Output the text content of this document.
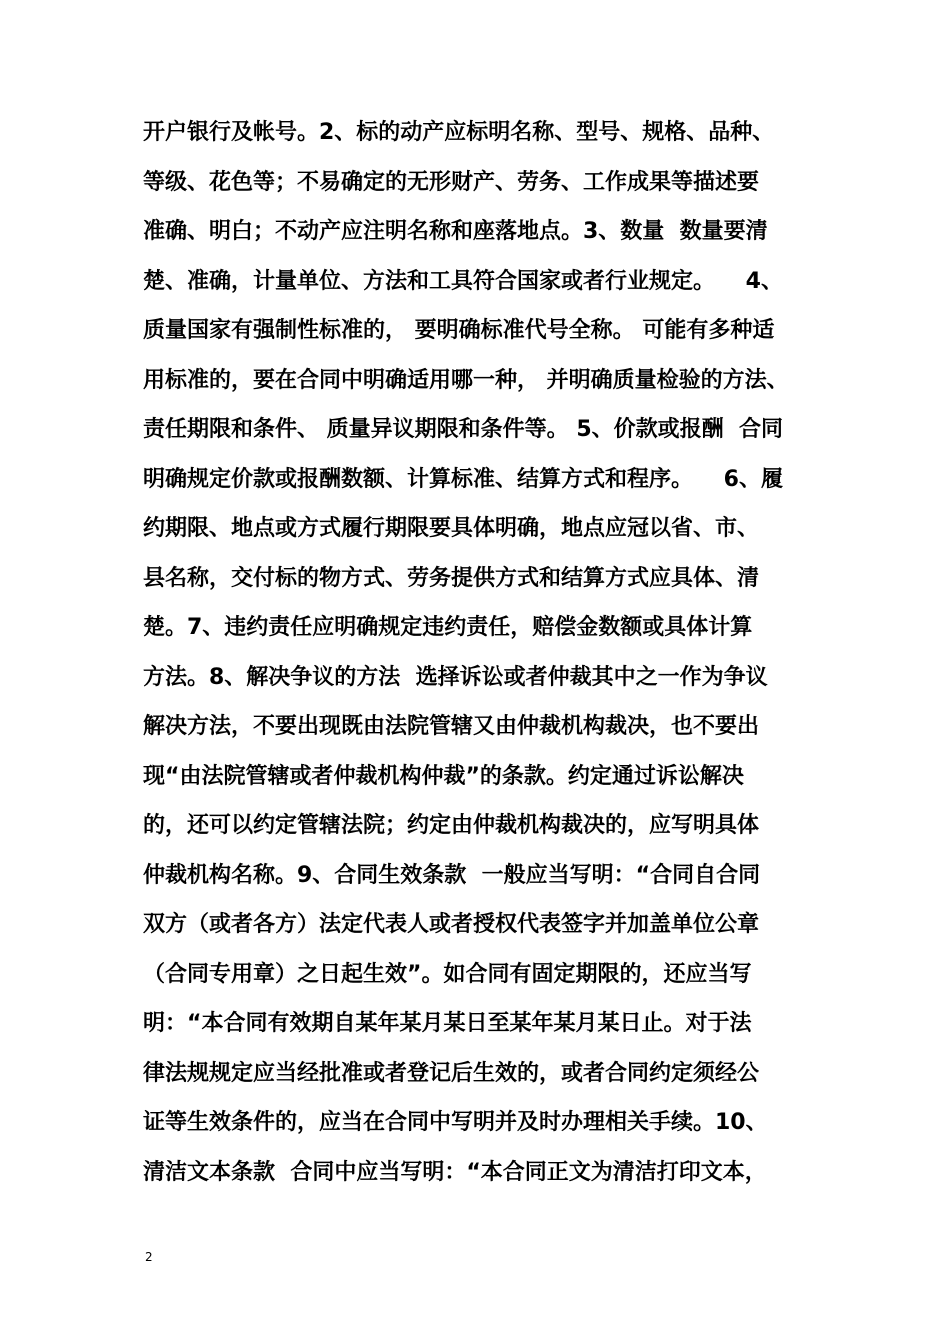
开户银行及帐号。2、标的动产应标明名称、型号、规格、品种、
等级、花色等；不易确定的无形财产、劳务、工作成果等描述要
准确、明白；不动产应注明名称和座落地点。3、数量  数量要清
楚、准确，计量单位、方法和工具符合国家或者行业规定。    4、
质量国家有强制性标准的， 要明确标准代号全称。 可能有多种适
用标准的，要在合同中明确适用哪一种， 并明确质量检验的方法、
责任期限和条件、 质量异议期限和条件等。 5、价款或报酬  合同
明确规定价款或报酬数额、计算标准、结算方式和程序。    6、履
约期限、地点或方式履行期限要具体明确，地点应冠以省、市、
县名称，交付标的物方式、劳务提供方式和结算方式应具体、清
楚。7、违约责任应明确规定违约责任，赔偿金数额或具体计算
方法。8、解决争议的方法  选择诉讼或者仲裁其中之一作为争议
解决方法，不要出现既由法院管辖又由仲裁机构裁决，也不要出
现“由法院管辖或者仲裁机构仲裁”的条款。约定通过诉讼解决
的，还可以约定管辖法院；约定由仲裁机构裁决的，应写明具体
仲裁机构名称。9、合同生效条款  一般应当写明：“合同自合同
双方（或者各方）法定代表人或者授权代表签字并加盖单位公章
（合同专用章）之日起生效”。如合同有固定期限的，还应当写
明：“本合同有效期自某年某月某日至某年某月某日止。对于法
律法规规定应当经批准或者登记后生效的，或者合同约定须经公
证等生效条件的，应当在合同中写明并及时办理相关手续。10、
清洁文本条款  合同中应当写明：“本合同正文为清洁打印文本，
2
